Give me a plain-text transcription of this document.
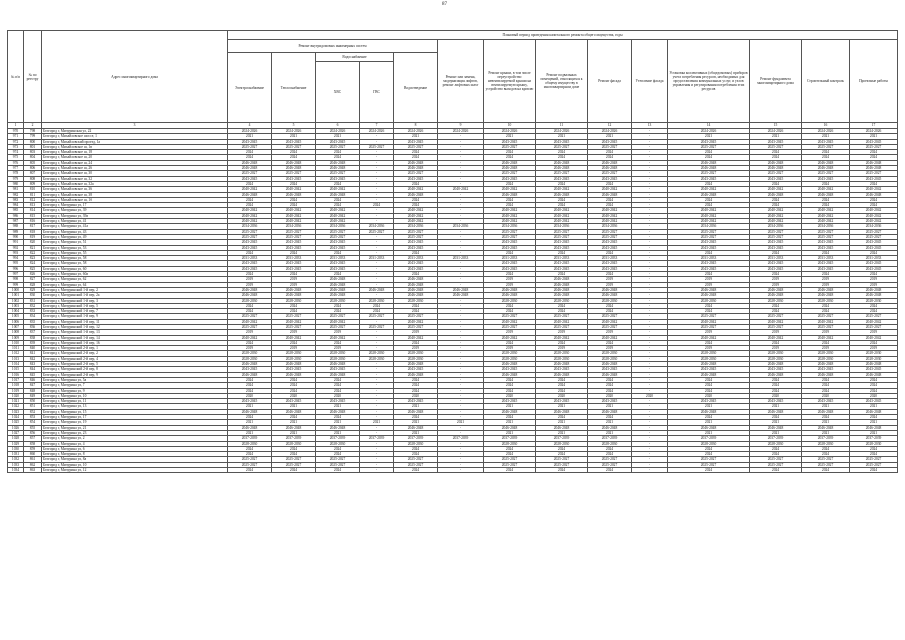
87
№ п/п	№ по реестру	Адрес многоквартирного дома	Плановый период проведения капитального ремонта общего имущества, годы													
			Ремонт внутридомовых инженерных систем					Ремонт или замена, модернизация лифтов, ремонт лифтовых шахт	Ремонт крыши, в том числе переустройство невентилируемой крыши на вентилируемую крышу, устройство выходов на кровлю	Ремонт подвальных помещений, относящихся к общему имуществу в многоквартирном доме	Ремонт фасада	Утепление фасада	Установка коллективных (общедомовых) приборов учета потребления ресурсов, необходимых для предоставления коммунальных услуг, и узлов управления и регулирования потребления этих ресурсов	Ремонт фундамента многоквартирного дома	Строительный контроль	Проектные работы
			Электроснабжение	Теплоснабжение	Водоснабжение		Водоотведение									
					ХВС	ГВС										
1	2	3	4	5	6	7	8	9	10	11	12	13	14	15	16	17
970	798	Белгород г, Мичуринская ул, 22	2024-2026	2024-2026	2024-2026	2024-2026	2024-2026	2024-2026	2024-2026	2024-2026	2024-2026	-	2024-2026	2024-2026	2024-2026	2024-2026
971	799	Белгород г, Михайловское шоссе, 1	2021	2021	2021	-	2021	-	2021	2021	2021	-	2021	2021	2021	2021
972	800	Белгород г, Михайловский проезд, 1а	2043-2045	2043-2045	2043-2045	-	2043-2045	-	2043-2045	2043-2045	2043-2045	-	2043-2045	2043-2045	2043-2045	2043-2045
973	801	Белгород г, Михайловское ш, 1в	2025-2027	2025-2027	2025-2027	2025-2027	2025-2027	-	2025-2027	2025-2027	2025-2027	-	2025-2027	2025-2027	2025-2027	2025-2027
974	803	Белгород г, Михайловское ш, 18	2024	2024	2024	-	2024	-	2024	2024	2024	-	2024	2024	2024	2024
975	804	Белгород г, Михайловское ш, 20	2024	2024	2024	-	2024	-	2024	2024	2024	-	2024	2024	2024	2024
976	805	Белгород г, Михайловское ш, 24	2046-2048	2046-2048	2046-2048	-	2046-2048	-	2046-2048	2046-2048	2046-2048	-	2046-2048	2046-2048	2046-2048	2046-2048
977	806	Белгород г, Михайловское ш, 26	2046-2048	2046-2048	2046-2048	-	2046-2048	-	2046-2048	2046-2048	2046-2048	-	2046-2048	2046-2048	2046-2048	2046-2048
978	807	Белгород г, Михайловское ш, 30	2025-2027	2025-2027	2025-2027	-	2025-2027	-	2025-2027	2025-2027	2025-2027	-	2025-2027	2025-2027	2025-2027	2025-2027
979	808	Белгород г, Михайловское ш, 32	2043-2045	2043-2045	2043-2045	-	2043-2045	-	2043-2045	2043-2045	2043-2045	-	2043-2045	2043-2045	2043-2045	2043-2045
980	809	Белгород г, Михайловское ш, 32а	2024	2024	2024	-	2024	-	2024	2024	2024	-	2024	2024	2024	2024
981	810	Белгород г, Михайловское ш, 36	2040-2042	2040-2042	2040-2042	-	2040-2042	2040-2042	2040-2042	2040-2042	2040-2042	-	2040-2042	2040-2042	2040-2042	2040-2042
982	811	Белгород г, Михайловское ш, 38	2046-2048	2046-2048	2046-2048	-	2046-2048	-	2046-2048	2046-2048	2046-2048	-	2046-2048	2046-2048	2046-2048	2046-2048
983	812	Белгород г, Михайловское ш, 1б	2024	2024	2024	-	2024	-	2024	2024	2024	-	2024	2024	2024	2024
984	813	Белгород г, Мичурина ул, 17	2024	2024	2024	2024	2024	-	2024	2024	2024	-	2024	2024	2024	2024
985	814	Белгород г, Мичурина ул, 39	2040-2042	2040-2042	2040-2042	-	2040-2042	-	2040-2042	2040-2042	2040-2042	-	2040-2042	2040-2042	2040-2042	2040-2042
986	815	Белгород г, Мичурина ул, 39а	2040-2042	2040-2042	2040-2042	-	2040-2042	-	2040-2042	2040-2042	2040-2042	-	2040-2042	2040-2042	2040-2042	2040-2042
987	816	Белгород г, Мичурина ул, 41	2040-2042	2040-2042	2040-2042	-	2040-2042	-	2040-2042	2040-2042	2040-2042	-	2040-2042	2040-2042	2040-2042	2040-2042
988	817	Белгород г, Мичурина ул, 41а	2034-2036	2034-2036	2034-2036	2034-2036	2034-2036	2034-2036	2034-2036	2034-2036	2034-2036	-	2034-2036	2034-2036	2034-2036	2034-2036
989	818	Белгород г, Мичурина ул, 43	2025-2027	2025-2027	2025-2027	2025-2027	2025-2027	-	2025-2027	2025-2027	2025-2027	-	2025-2027	2025-2027	2025-2027	2025-2027
990	819	Белгород г, Мичурина ул, 49	2025-2027	2025-2027	2025-2027	-	2025-2027	-	2025-2027	2025-2027	2025-2027	-	2025-2027	2025-2027	2025-2027	2025-2027
991	820	Белгород г, Мичурина ул, 51	2043-2045	2043-2045	2043-2045	-	2043-2045	-	2043-2045	2043-2045	2043-2045	-	2043-2045	2043-2045	2043-2045	2043-2045
992	821	Белгород г, Мичурина ул, 53	2043-2045	2043-2045	2043-2045	-	2043-2045	-	2043-2045	2043-2045	2043-2045	-	2043-2045	2043-2045	2043-2045	2043-2045
993	822	Белгород г, Мичурина ул, 55	2024	2024	2024	-	2024	-	2024	2024	2024	-	2024	2024	2024	2024
994	823	Белгород г, Мичурина ул, 58	2031-2033	2031-2033	2031-2033	2031-2033	2031-2033	2031-2033	2031-2033	2031-2033	2031-2033	-	2031-2033	2031-2033	2031-2033	2031-2033
995	824	Белгород г, Мичурина ул, 58	2043-2045	2043-2045	2043-2045	-	2043-2045	-	2043-2045	2043-2045	2043-2045	-	2043-2045	2043-2045	2043-2045	2043-2045
996	825	Белгород г, Мичурина ул, 60	2043-2045	2043-2045	2043-2045	-	2043-2045	-	2043-2045	2043-2045	2043-2045	-	2043-2045	2043-2045	2043-2045	2043-2045
997	826	Белгород г, Мичурина ул, 60а	2024	2024	2024	-	2024	-	2024	2024	2024	-	2024	2024	2024	2024
998	827	Белгород г, Мичурина ул, 62	2019	2019	2046-2048	-	2046-2048	-	2019	2046-2048	2019	-	2019	2019	2019	2019
999	828	Белгород г, Мичурина ул, 64	2019	2019	2046-2048	-	2046-2048	-	2019	2046-2048	2019	-	2019	2019	2019	2019
1000	829	Белгород г, Мичуринский 1-й пер, 2	2046-2048	2046-2048	2046-2048	2046-2048	2046-2048	2046-2048	2046-2048	2046-2048	2046-2048	-	2046-2048	2046-2048	2046-2048	2046-2048
1001	830	Белгород г, Мичуринский 1-й пер, 2а	2046-2048	2046-2048	2046-2048	-	2046-2048	2046-2048	2046-2048	2046-2048	2046-2048	-	2046-2048	2046-2048	2046-2048	2046-2048
1002	831	Белгород г, Мичуринский 1-й пер, 3	2028-2030	2028-2030	2028-2030	2028-2030	2028-2030	-	2028-2030	2028-2030	2028-2030	-	2028-2030	2028-2030	2028-2030	2028-2030
1003	832	Белгород г, Мичуринский 1-й пер, 5	2024	2024	2024	2024	2024	-	2024	2024	2024	-	2024	2024	2024	2024
1004	833	Белгород г, Мичуринский 1-й пер, 7	2024	2024	2024	2024	2024	-	2024	2024	2024	-	2024	2024	2024	2024
1005	834	Белгород г, Мичуринский 1-й пер, 9	2025-2027	2025-2027	2025-2027	2025-2027	2025-2027	-	2025-2027	2025-2027	2025-2027	-	2025-2027	2025-2027	2025-2027	2025-2027
1006	835	Белгород г, Мичуринский 1-й пер, 11	2040-2042	2040-2042	2040-2042	-	2040-2042	-	2040-2042	2040-2042	2040-2042	-	2040-2042	2040-2042	2040-2042	2040-2042
1007	836	Белгород г, Мичуринский 1-й пер, 12	2025-2027	2025-2027	2025-2027	2025-2027	2025-2027	-	2025-2027	2025-2027	2025-2027	-	2025-2027	2025-2027	2025-2027	2025-2027
1008	837	Белгород г, Мичуринский 1-й пер, 13	2019	2019	2019	-	2019	-	2019	2019	2019	-	2019	2019	2019	2019
1009	838	Белгород г, Мичуринский 1-й пер, 14	2040-2042	2040-2042	2040-2042	-	2040-2042	-	2040-2042	2040-2042	2040-2042	-	2040-2042	2040-2042	2040-2042	2040-2042
1010	839	Белгород г, Мичуринский 1-й пер, 16	2024	2024	2024	-	2024	-	2024	2024	2024	-	2024	2024	2024	2024
1011	840	Белгород г, Мичуринский 2-й пер, 1	2019	2019	2019	-	2019	-	2019	2019	2019	-	2019	2019	2019	2019
1012	841	Белгород г, Мичуринский 2-й пер, 2	2028-2030	2028-2030	2028-2030	2028-2030	2028-2030	-	2028-2030	2028-2030	2028-2030	-	2028-2030	2028-2030	2028-2030	2028-2030
1013	842	Белгород г, Мичуринский 2-й пер, 4	2028-2030	2028-2030	2028-2030	2028-2030	2028-2030	-	2028-2030	2028-2030	2028-2030	-	2028-2030	2028-2030	2028-2030	2028-2030
1014	843	Белгород г, Мичуринский 2-й пер, 5	2046-2048	2046-2048	2046-2048	-	2046-2048	-	2046-2048	2046-2048	2046-2048	-	2046-2048	2046-2048	2046-2048	2046-2048
1015	844	Белгород г, Мичуринский 2-й пер, 8	2043-2045	2043-2045	2043-2045	-	2043-2045	-	2043-2045	2043-2045	2043-2045	-	2043-2045	2043-2045	2043-2045	2043-2045
1016	845	Белгород г, Мичуринский 2-й пер, 9	2046-2048	2046-2048	2046-2048	-	2046-2048	-	2046-2048	2046-2048	2046-2048	-	2046-2048	2046-2048	2046-2048	2046-2048
1017	846	Белгород г, Мичурина ул, 5а	2024	2024	2024	-	2024	-	2024	2024	2024	-	2024	2024	2024	2024
1018	847	Белгород г, Мичурина ул, 7	2024	2024	2024	-	2024	-	2024	2024	2024	-	2024	2024	2024	2024
1019	848	Белгород г, Мичурина ул, 9	2024	2024	2024	-	2024	-	2024	2024	2024	-	2024	2024	2024	2024
1020	849	Белгород г, Мичурина ул, 10	2020	2020	2020	-	2020	-	2020	2020	2020	2020	2020	2020	2020	2020
1021	850	Белгород г, Мичурина ул, 11	2043-2045	2043-2045	2043-2045	-	2043-2045	-	2043-2045	2043-2045	2043-2045	-	2043-2045	2043-2045	2043-2045	2043-2045
1022	851	Белгород г, Мичурина ул, 13	2021	2021	2021	-	2021	-	2021	2021	2021	-	2021	2021	2021	2021
1023	852	Белгород г, Мичурина ул, 15	2046-2048	2046-2048	2046-2048	-	2046-2048	-	2046-2048	2046-2048	2046-2048	-	2046-2048	2046-2048	2046-2048	2046-2048
1024	853	Белгород г, Мичурина ул, 17	2024	2024	2024	-	2024	-	2024	2024	2024	-	2024	2024	2024	2024
1025	854	Белгород г, Мичурина ул, 19	2021	2021	2021	2021	2021	2021	2021	2021	2021	-	2021	2021	2021	2021
1026	855	Белгород г, Мичурина ул, 21	2046-2048	2046-2048	2046-2048	-	2046-2048	-	2046-2048	2046-2048	2046-2048	-	2046-2048	2046-2048	2046-2048	2046-2048
1027	856	Белгород г, Мичурина ул, 23	2021	2021	2021	-	2021	-	2021	2021	2021	-	2021	2021	2021	2021
1028	857	Белгород г, Мичурина ул, 2	2037-2039	2037-2039	2037-2039	2037-2039	2037-2039	2037-2039	2037-2039	2037-2039	2037-2039	-	2037-2039	2037-2039	2037-2039	2037-2039
1029	858	Белгород г, Мичурина ул, 4	2028-2030	2028-2030	2028-2030	-	2028-2030	-	2028-2030	2028-2030	2028-2030	-	2028-2030	2028-2030	2028-2030	2028-2030
1030	859	Белгород г, Мичурина ул, 6	2024	2024	2024	-	2024	-	2024	2024	2024	-	2024	2024	2024	2024
1031	860	Белгород г, Мичурина ул, 8	2024	2024	2024	-	2024	-	2024	2024	2024	-	2024	2024	2024	2024
1032	861	Белгород г, Мичурина ул, 8а	2025-2027	2025-2027	2025-2027	-	2025-2027	-	2025-2027	2025-2027	2025-2027	-	2025-2027	2025-2027	2025-2027	2025-2027
1033	862	Белгород г, Мичурина ул, 10	2025-2027	2025-2027	2025-2027	-	2025-2027	-	2025-2027	2025-2027	2025-2027	-	2025-2027	2025-2027	2025-2027	2025-2027
1034	863	Белгород г, Мичурина ул, 12	2024	2024	2024	-	2024	-	2024	2024	2024	-	2024	2024	2024	2024
